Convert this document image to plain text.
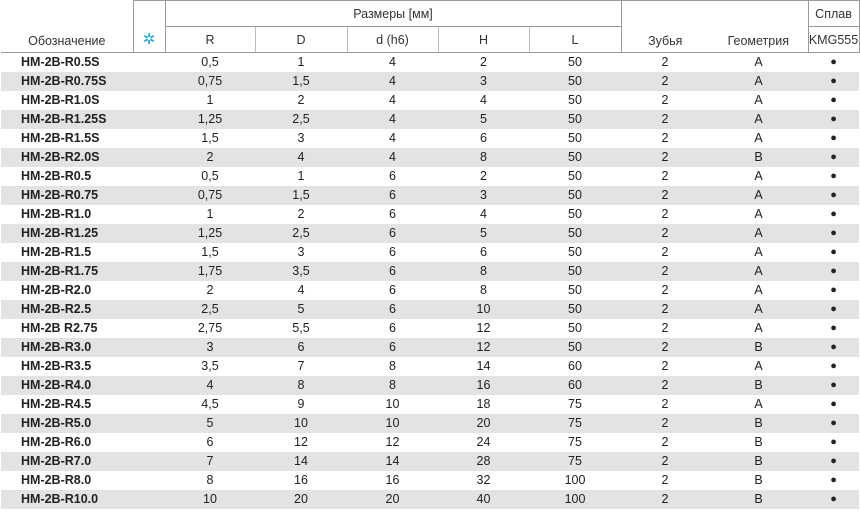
Обозначение	✲	Размеры [мм]					Зубья	Геометрия	Сплав
		R	D	d (h6)	H	L			KMG555
HM-2B-R0.5S		0,5	1	4	2	50	2	A	●
HM-2B-R0.75S		0,75	1,5	4	3	50	2	A	●
HM-2B-R1.0S		1	2	4	4	50	2	A	●
HM-2B-R1.25S		1,25	2,5	4	5	50	2	A	●
HM-2B-R1.5S		1,5	3	4	6	50	2	A	●
HM-2B-R2.0S		2	4	4	8	50	2	B	●
HM-2B-R0.5		0,5	1	6	2	50	2	A	●
HM-2B-R0.75		0,75	1,5	6	3	50	2	A	●
HM-2B-R1.0		1	2	6	4	50	2	A	●
HM-2B-R1.25		1,25	2,5	6	5	50	2	A	●
HM-2B-R1.5		1,5	3	6	6	50	2	A	●
HM-2B-R1.75		1,75	3,5	6	8	50	2	A	●
HM-2B-R2.0		2	4	6	8	50	2	A	●
HM-2B-R2.5		2,5	5	6	10	50	2	A	●
HM-2B R2.75		2,75	5,5	6	12	50	2	A	●
HM-2B-R3.0		3	6	6	12	50	2	B	●
HM-2B-R3.5		3,5	7	8	14	60	2	A	●
HM-2B-R4.0		4	8	8	16	60	2	B	●
HM-2B-R4.5		4,5	9	10	18	75	2	A	●
HM-2B-R5.0		5	10	10	20	75	2	B	●
HM-2B-R6.0		6	12	12	24	75	2	B	●
HM-2B-R7.0		7	14	14	28	75	2	B	●
HM-2B-R8.0		8	16	16	32	100	2	B	●
HM-2B-R10.0		10	20	20	40	100	2	B	●
